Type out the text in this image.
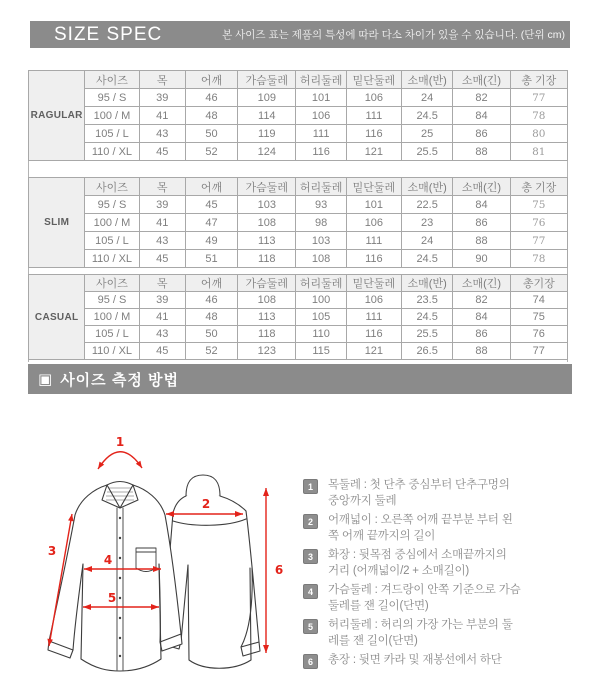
SIZE SPEC	본 사이즈 표는 제품의 특성에 따라 다소 차이가 있을 수 있습니다. (단위 cm)
RAGULAR	사이즈	목	어깨	가슴둘레	허리둘레	밑단둘레	소매(반)	소매(긴)	총 기장
	95 / S	39	46	109	101	106	24	82	77
	100 / M	41	48	114	106	111	24.5	84	78
	105 / L	43	50	119	111	116	25	86	80
	110 / XL	45	52	124	116	121	25.5	88	81
SLIM	사이즈	목	어깨	가슴둘레	허리둘레	밑단둘레	소매(반)	소매(긴)	총 기장
	95 / S	39	45	103	93	101	22.5	84	75
	100 / M	41	47	108	98	106	23	86	76
	105 / L	43	49	113	103	111	24	88	77
	110 / XL	45	51	118	108	116	24.5	90	78
CASUAL	사이즈	목	어깨	가슴둘레	허리둘레	밑단둘레	소매(반)	소매(긴)	총기장
	95 / S	39	46	108	100	106	23.5	82	74
	100 / M	41	48	113	105	111	24.5	84	75
	105 / L	43	50	118	110	116	25.5	86	76
	110 / XL	45	52	123	115	121	26.5	88	77
▣ 사이즈 측정 방법
1
2
3
4
5
6
1	목둘레 : 첫 단추 중심부터 단추구멍의
중앙까지 둘레
2	어깨넓이 : 오른쪽 어깨 끝부분 부터 왼
쪽 어깨 끝까지의 길이
3	화장 : 뒷목점 중심에서 소매끝까지의
거리 (어깨넓이/2 + 소매길이)
4	가슴둘레 : 겨드랑이 안쪽 기준으로 가슴
둘레를 잰 길이(단면)
5	허리둘레 : 허리의 가장 가는 부분의 둘
레를 잰 길이(단면)
6	총장 : 뒷면 카라 및 재봉선에서 하단
